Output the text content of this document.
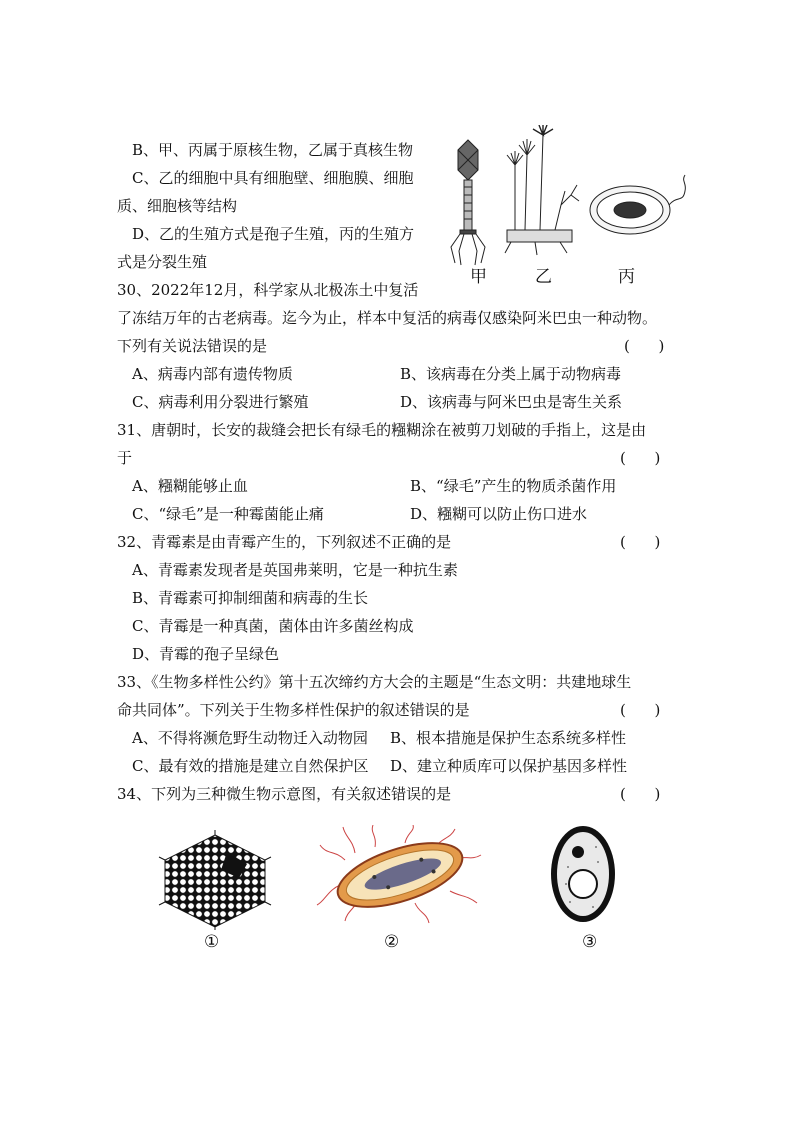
B、甲、丙属于原核生物，乙属于真核生物
C、乙的细胞中具有细胞壁、细胞膜、细胞
质、细胞核等结构
D、乙的生殖方式是孢子生殖，丙的生殖方
式是分裂生殖
甲	乙	丙
30、2022年12月，科学家从北极冻土中复活
了冻结万年的古老病毒。迄今为止，样本中复活的病毒仅感染阿米巴虫一种动物。
下列有关说法错误的是	(      )
A、病毒内部有遗传物质	B、该病毒在分类上属于动物病毒
C、病毒利用分裂进行繁殖	D、该病毒与阿米巴虫是寄生关系
31、唐朝时，长安的裁缝会把长有绿毛的糨糊涂在被剪刀划破的手指上，这是由
于	(      )
A、糨糊能够止血	B、“绿毛”产生的物质杀菌作用
C、“绿毛”是一种霉菌能止痛	D、糨糊可以防止伤口进水
32、青霉素是由青霉产生的，下列叙述不正确的是	(      )
A、青霉素发现者是英国弗莱明，它是一种抗生素
B、青霉素可抑制细菌和病毒的生长
C、青霉是一种真菌，菌体由许多菌丝构成
D、青霉的孢子呈绿色
33、《生物多样性公约》第十五次缔约方大会的主题是“生态文明：共建地球生
命共同体”。下列关于生物多样性保护的叙述错误的是	(      )
A、不得将濒危野生动物迁入动物园 B、根本措施是保护生态系统多样性
C、最有效的措施是建立自然保护区 D、建立种质库可以保护基因多样性
34、下列为三种微生物示意图，有关叙述错误的是	(      )
①	②	③
